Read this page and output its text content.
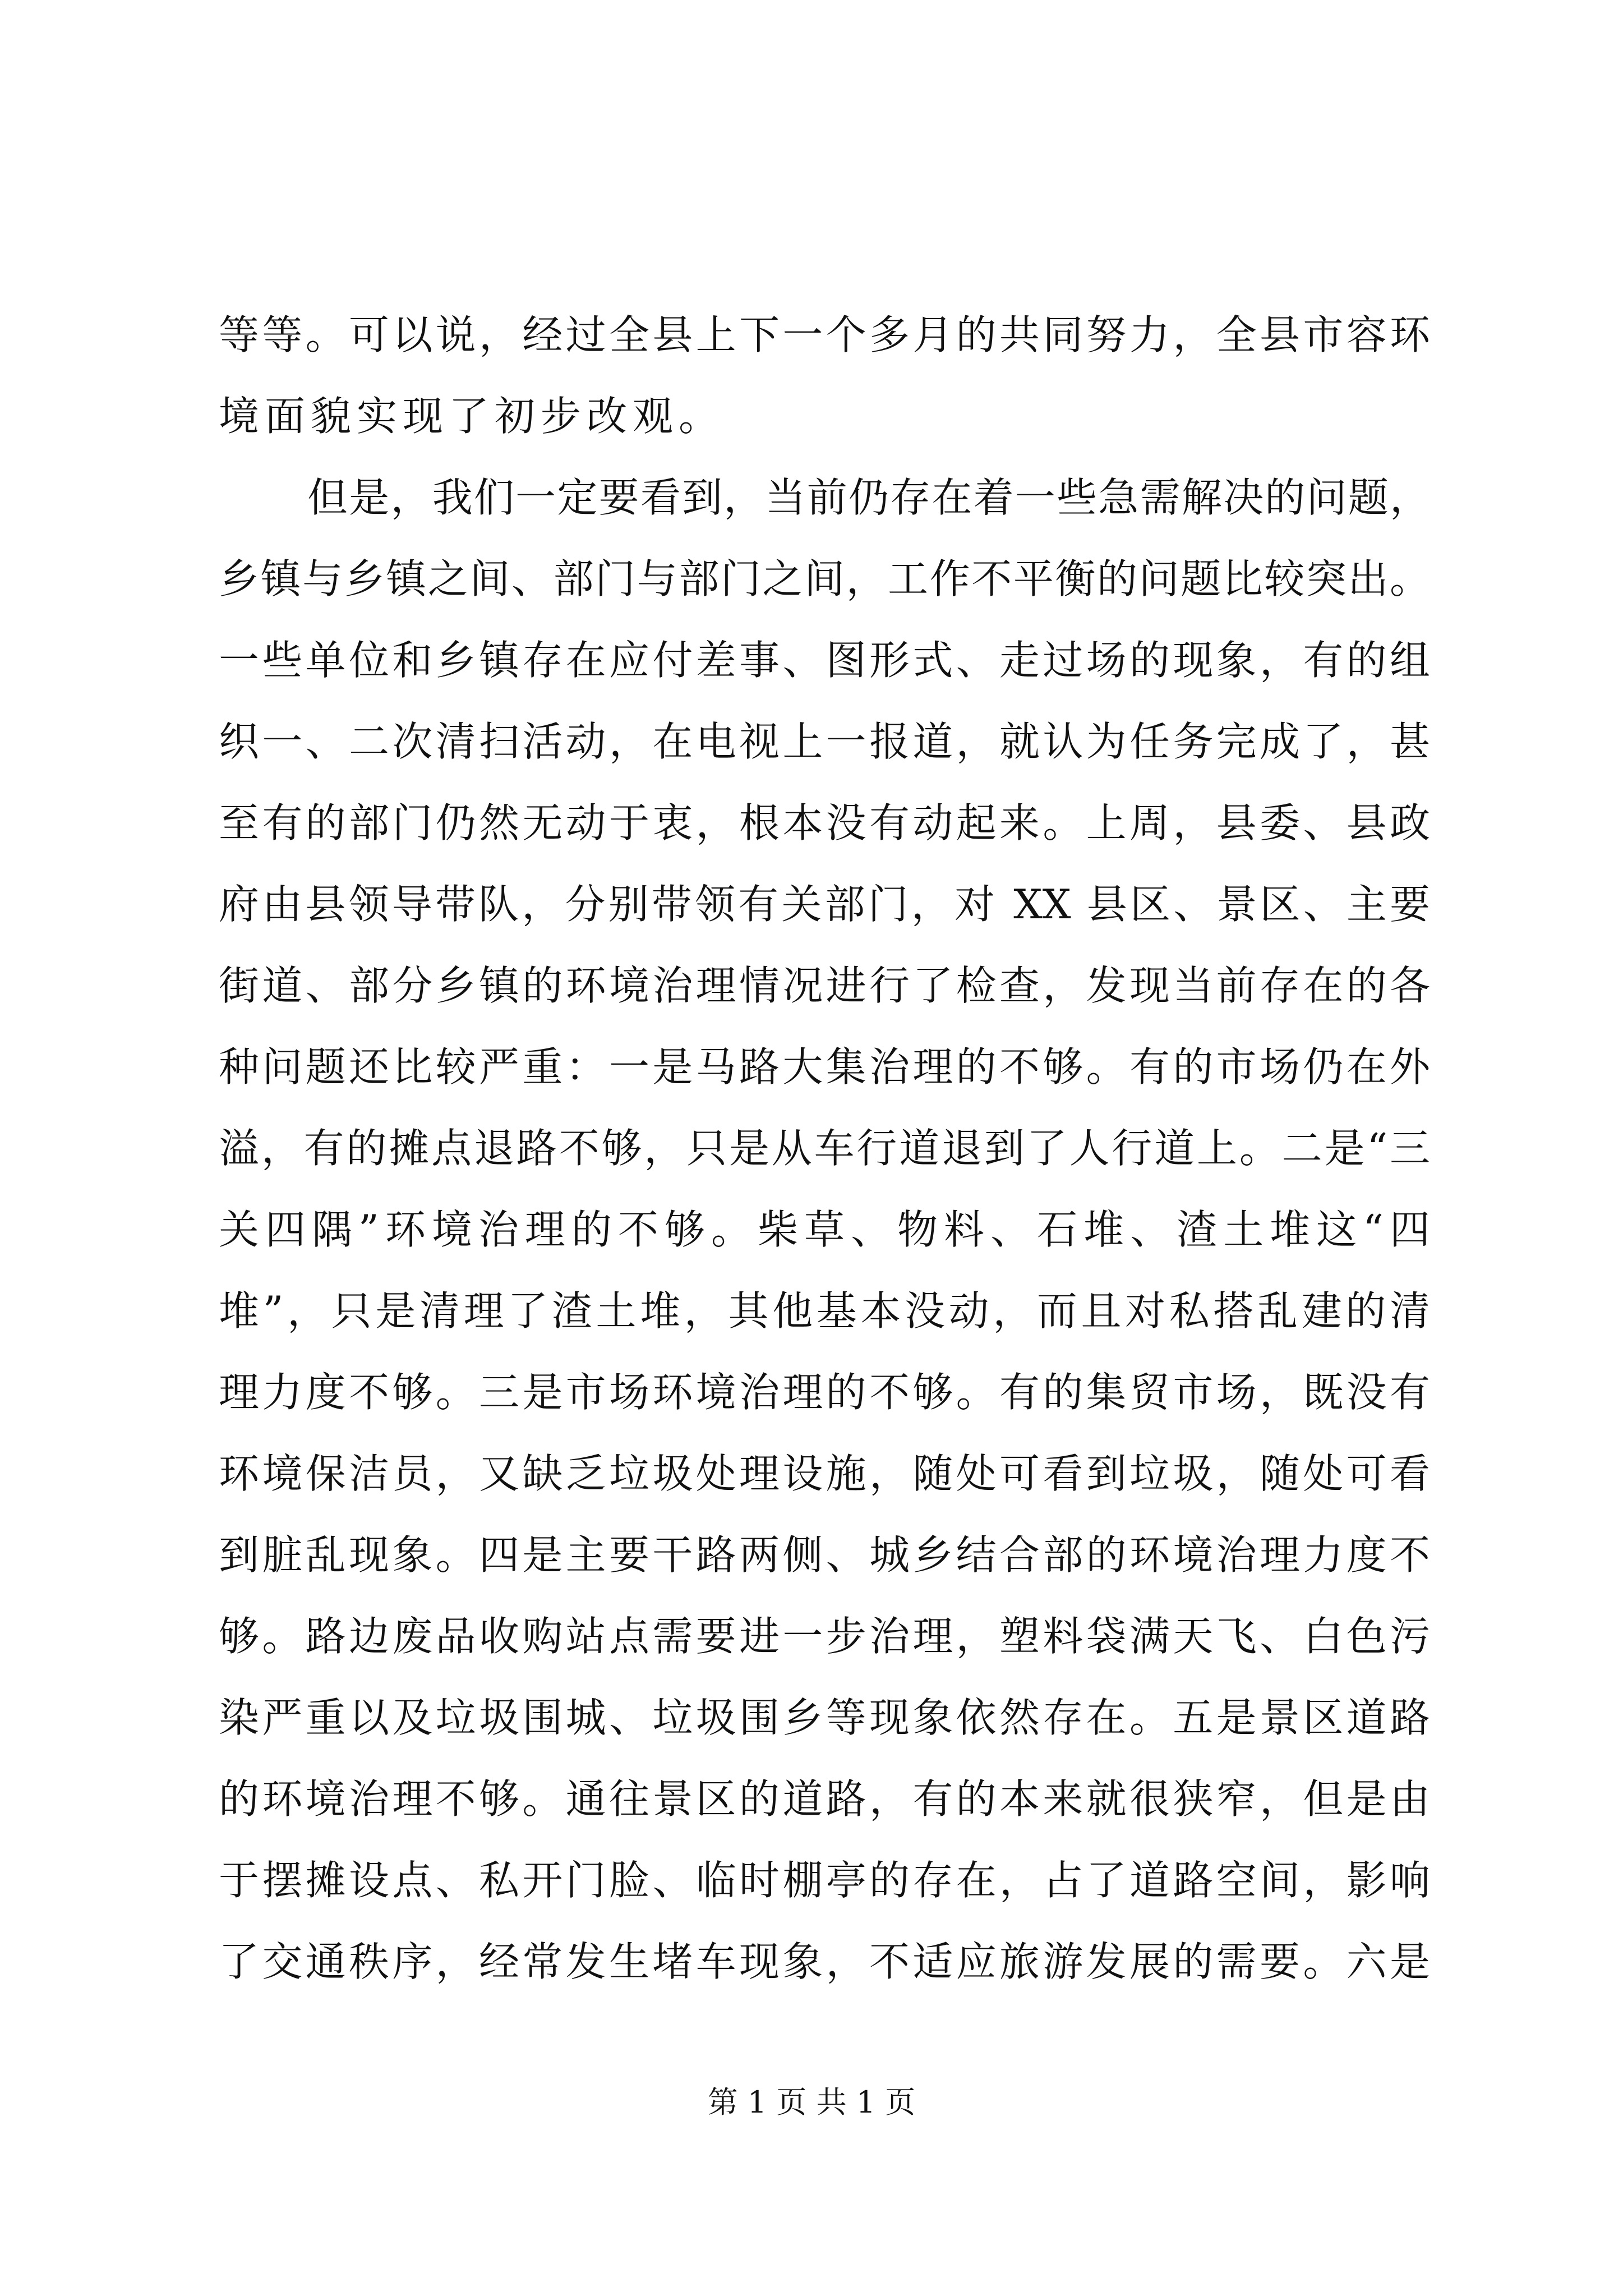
等等。可以说，经过全县上下一个多月的共同努力，全县市容环
境面貌实现了初步改观。
但是，我们一定要看到，当前仍存在着一些急需解决的问题，
乡镇与乡镇之间、部门与部门之间，工作不平衡的问题比较突出。
一些单位和乡镇存在应付差事、图形式、走过场的现象，有的组
织一、二次清扫活动，在电视上一报道，就认为任务完成了，甚
至有的部门仍然无动于衷，根本没有动起来。上周，县委、县政
府由县领导带队，分别带领有关部门，对 XX 县区、景区、主要
街道、部分乡镇的环境治理情况进行了检查，发现当前存在的各
种问题还比较严重：一是马路大集治理的不够。有的市场仍在外
溢，有的摊点退路不够，只是从车行道退到了人行道上。二是“三
关四隅”环境治理的不够。柴草、物料、石堆、渣土堆这“四
堆”，只是清理了渣土堆，其他基本没动，而且对私搭乱建的清
理力度不够。三是市场环境治理的不够。有的集贸市场，既没有
环境保洁员，又缺乏垃圾处理设施，随处可看到垃圾，随处可看
到脏乱现象。四是主要干路两侧、城乡结合部的环境治理力度不
够。路边废品收购站点需要进一步治理，塑料袋满天飞、白色污
染严重以及垃圾围城、垃圾围乡等现象依然存在。五是景区道路
的环境治理不够。通往景区的道路，有的本来就很狭窄，但是由
于摆摊设点、私开门脸、临时棚亭的存在，占了道路空间，影响
了交通秩序，经常发生堵车现象，不适应旅游发展的需要。六是
第 1 页 共 1 页
